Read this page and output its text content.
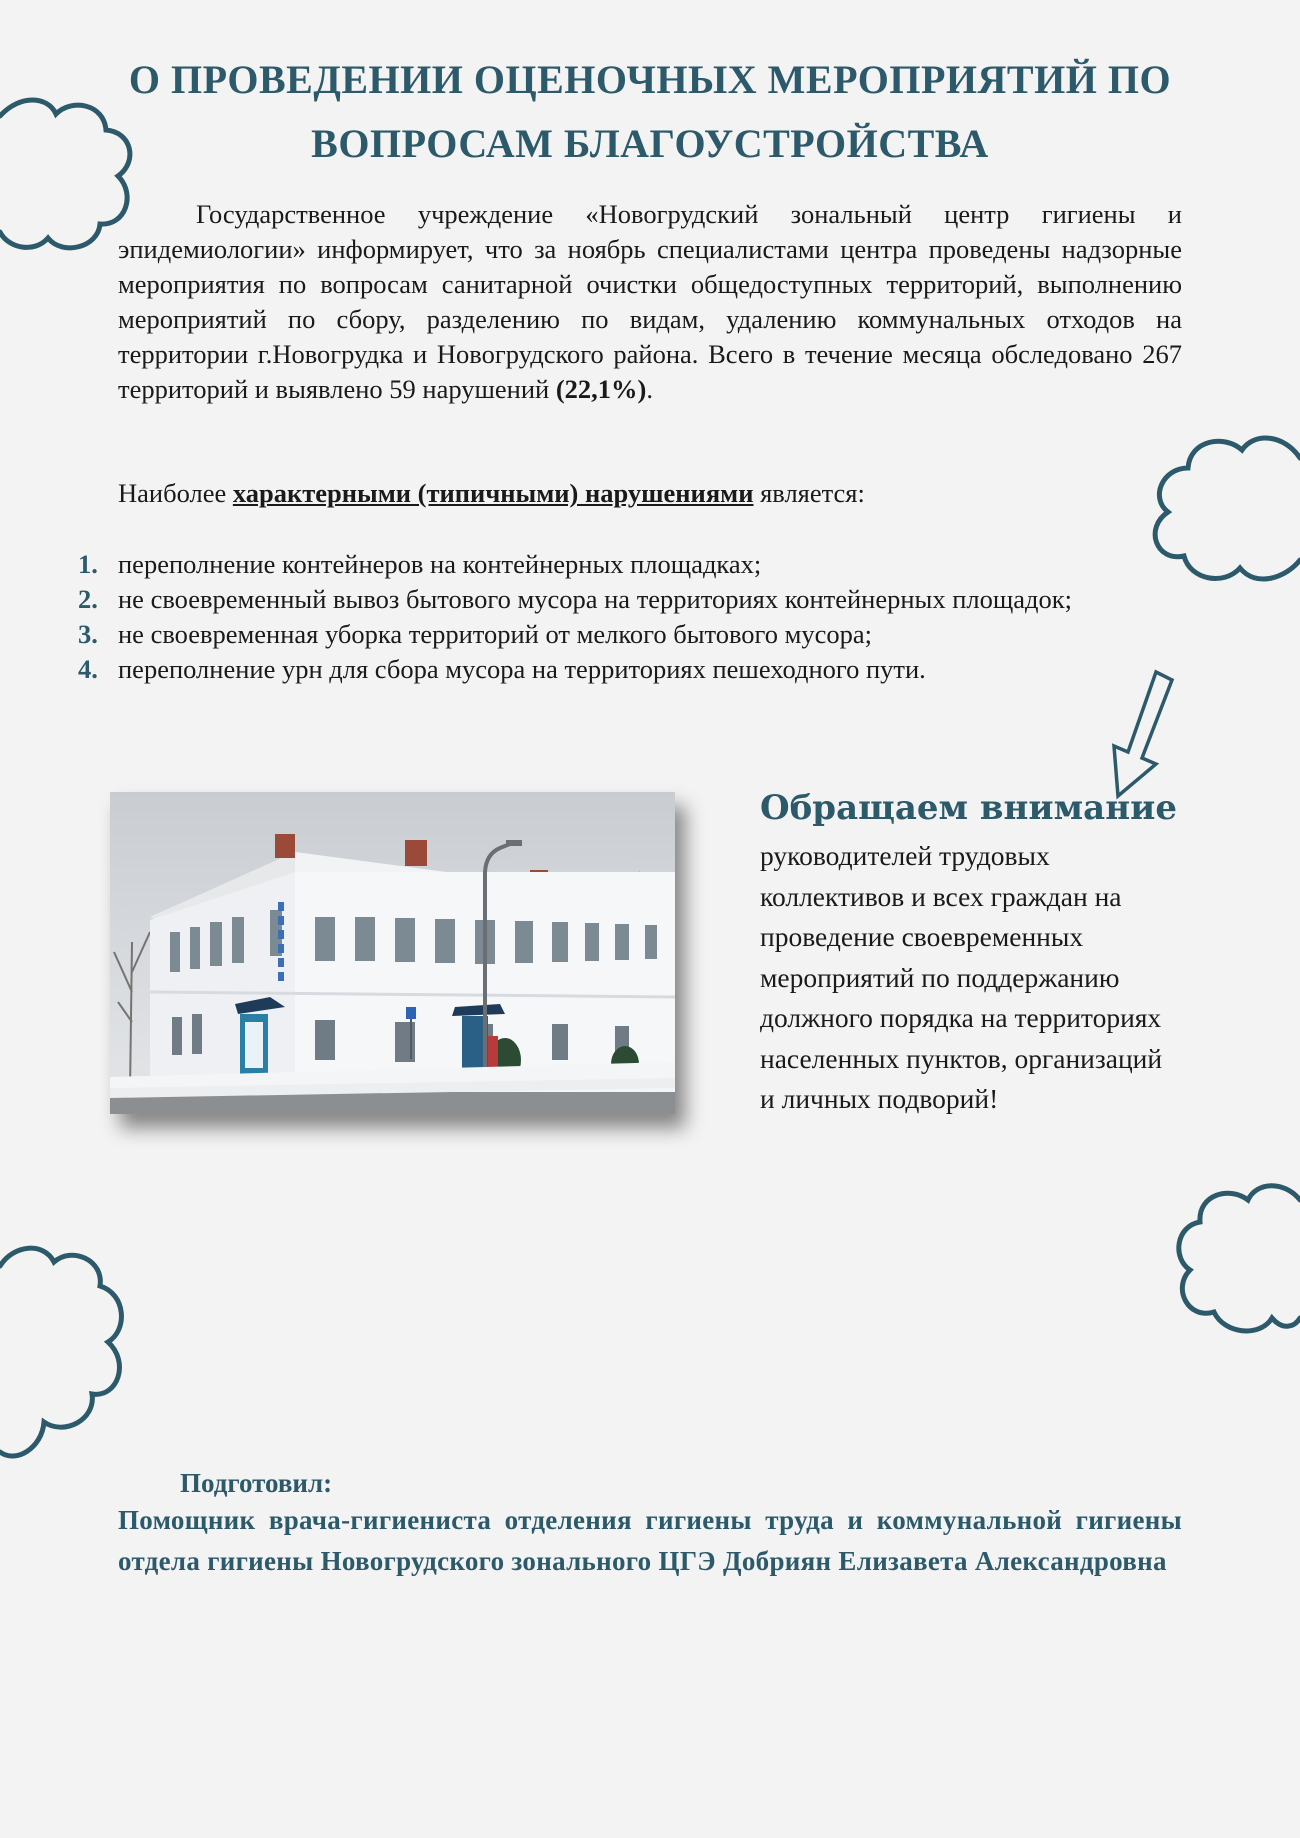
О ПРОВЕДЕНИИ ОЦЕНОЧНЫХ МЕРОПРИЯТИЙ ПО
ВОПРОСАМ БЛАГОУСТРОЙСТВА
Государственное учреждение «Новогрудский зональный центр гигиены и эпидемиологии» информирует, что за ноябрь специалистами центра проведены надзорные мероприятия по вопросам санитарной очистки общедоступных территорий, выполнению мероприятий по сбору, разделению по видам, удалению коммунальных отходов на территории г.Новогрудка и Новогрудского района. Всего в течение месяца обследовано 267 территорий и выявлено 59 нарушений (22,1%).
Наиболее характерными (типичными) нарушениями является:
1. переполнение контейнеров на контейнерных площадках;
2. не своевременный вывоз бытового мусора на территориях контейнерных площадок;
3. не своевременная уборка территорий от мелкого бытового мусора;
4. переполнение урн для сбора мусора на территориях пешеходного пути.
Обращаем внимание
руководителей трудовых коллективов и всех граждан на проведение своевременных мероприятий по поддержанию должного порядка на территориях населенных пунктов, организаций и личных подворий!
Подготовил:
Помощник врача-гигиениста отделения гигиены труда и коммунальной гигиены отдела гигиены Новогрудского зонального ЦГЭ Добриян Елизавета Александровна
